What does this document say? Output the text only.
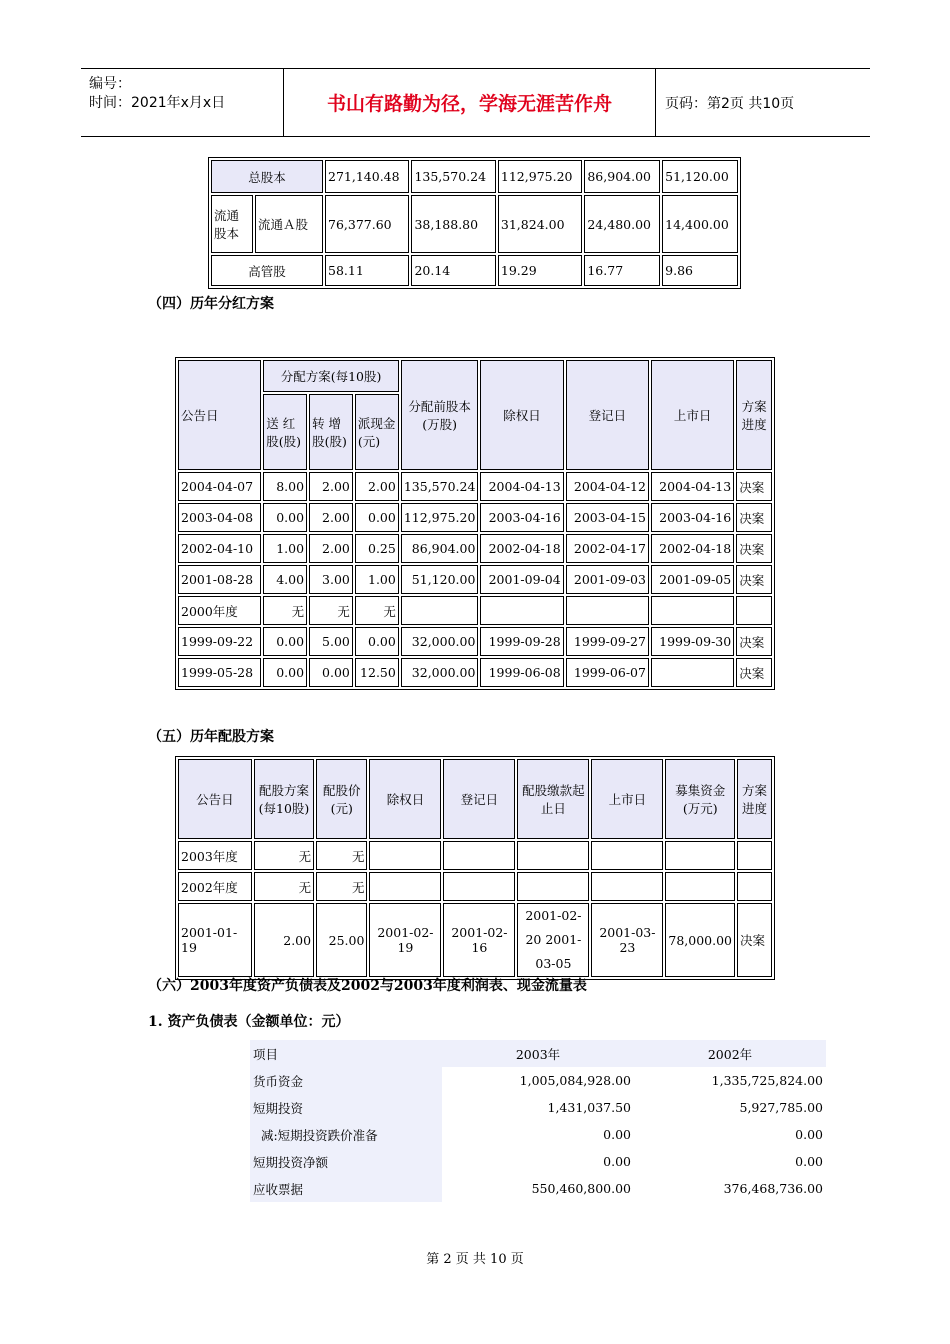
编号：
时间：2021年x月x日	书山有路勤为径，学海无涯苦作舟	页码：第2页 共10页
总股本		271,140.48	135,570.24	112,975.20	86,904.00	51,120.00
流通股本	流通Ａ股	76,377.60	38,188.80	31,824.00	24,480.00	14,400.00
高管股		58.11	20.14	19.29	16.77	9.86
（四）历年分红方案
公告日	分配方案(每10股)			分配前股本(万股)	除权日	登记日	上市日	方案进度
	送 红股(股)	转 增股(股)	派现金(元)					
2004-04-07	8.00	2.00	2.00	135,570.24	2004-04-13	2004-04-12	2004-04-13	决案
2003-04-08	0.00	2.00	0.00	112,975.20	2003-04-16	2003-04-15	2003-04-16	决案
2002-04-10	1.00	2.00	0.25	86,904.00	2002-04-18	2002-04-17	2002-04-18	决案
2001-08-28	4.00	3.00	1.00	51,120.00	2001-09-04	2001-09-03	2001-09-05	决案
2000年度	无	无	无					
1999-09-22	0.00	5.00	0.00	32,000.00	1999-09-28	1999-09-27	1999-09-30	决案
1999-05-28	0.00	0.00	12.50	32,000.00	1999-06-08	1999-06-07		决案
（五）历年配股方案
公告日	配股方案(每10股)	配股价(元)	除权日	登记日	配股缴款起止日	上市日	募集资金(万元)	方案进度
2003年度	无	无						
2002年度	无	无						
2001-01-19	2.00	25.00	2001-02-19	2001-02-16	2001-02-20 2001-03-05	2001-03-23	78,000.00	决案
（六）2003年度资产负债表及2002与2003年度利润表、现金流量表
1. 资产负债表（金额单位：元）
项目	2003年	2002年
货币资金	1,005,084,928.00	1,335,725,824.00
短期投资	1,431,037.50	5,927,785.00
减:短期投资跌价准备	0.00	0.00
短期投资净额	0.00	0.00
应收票据	550,460,800.00	376,468,736.00
第 2 页 共 10 页
